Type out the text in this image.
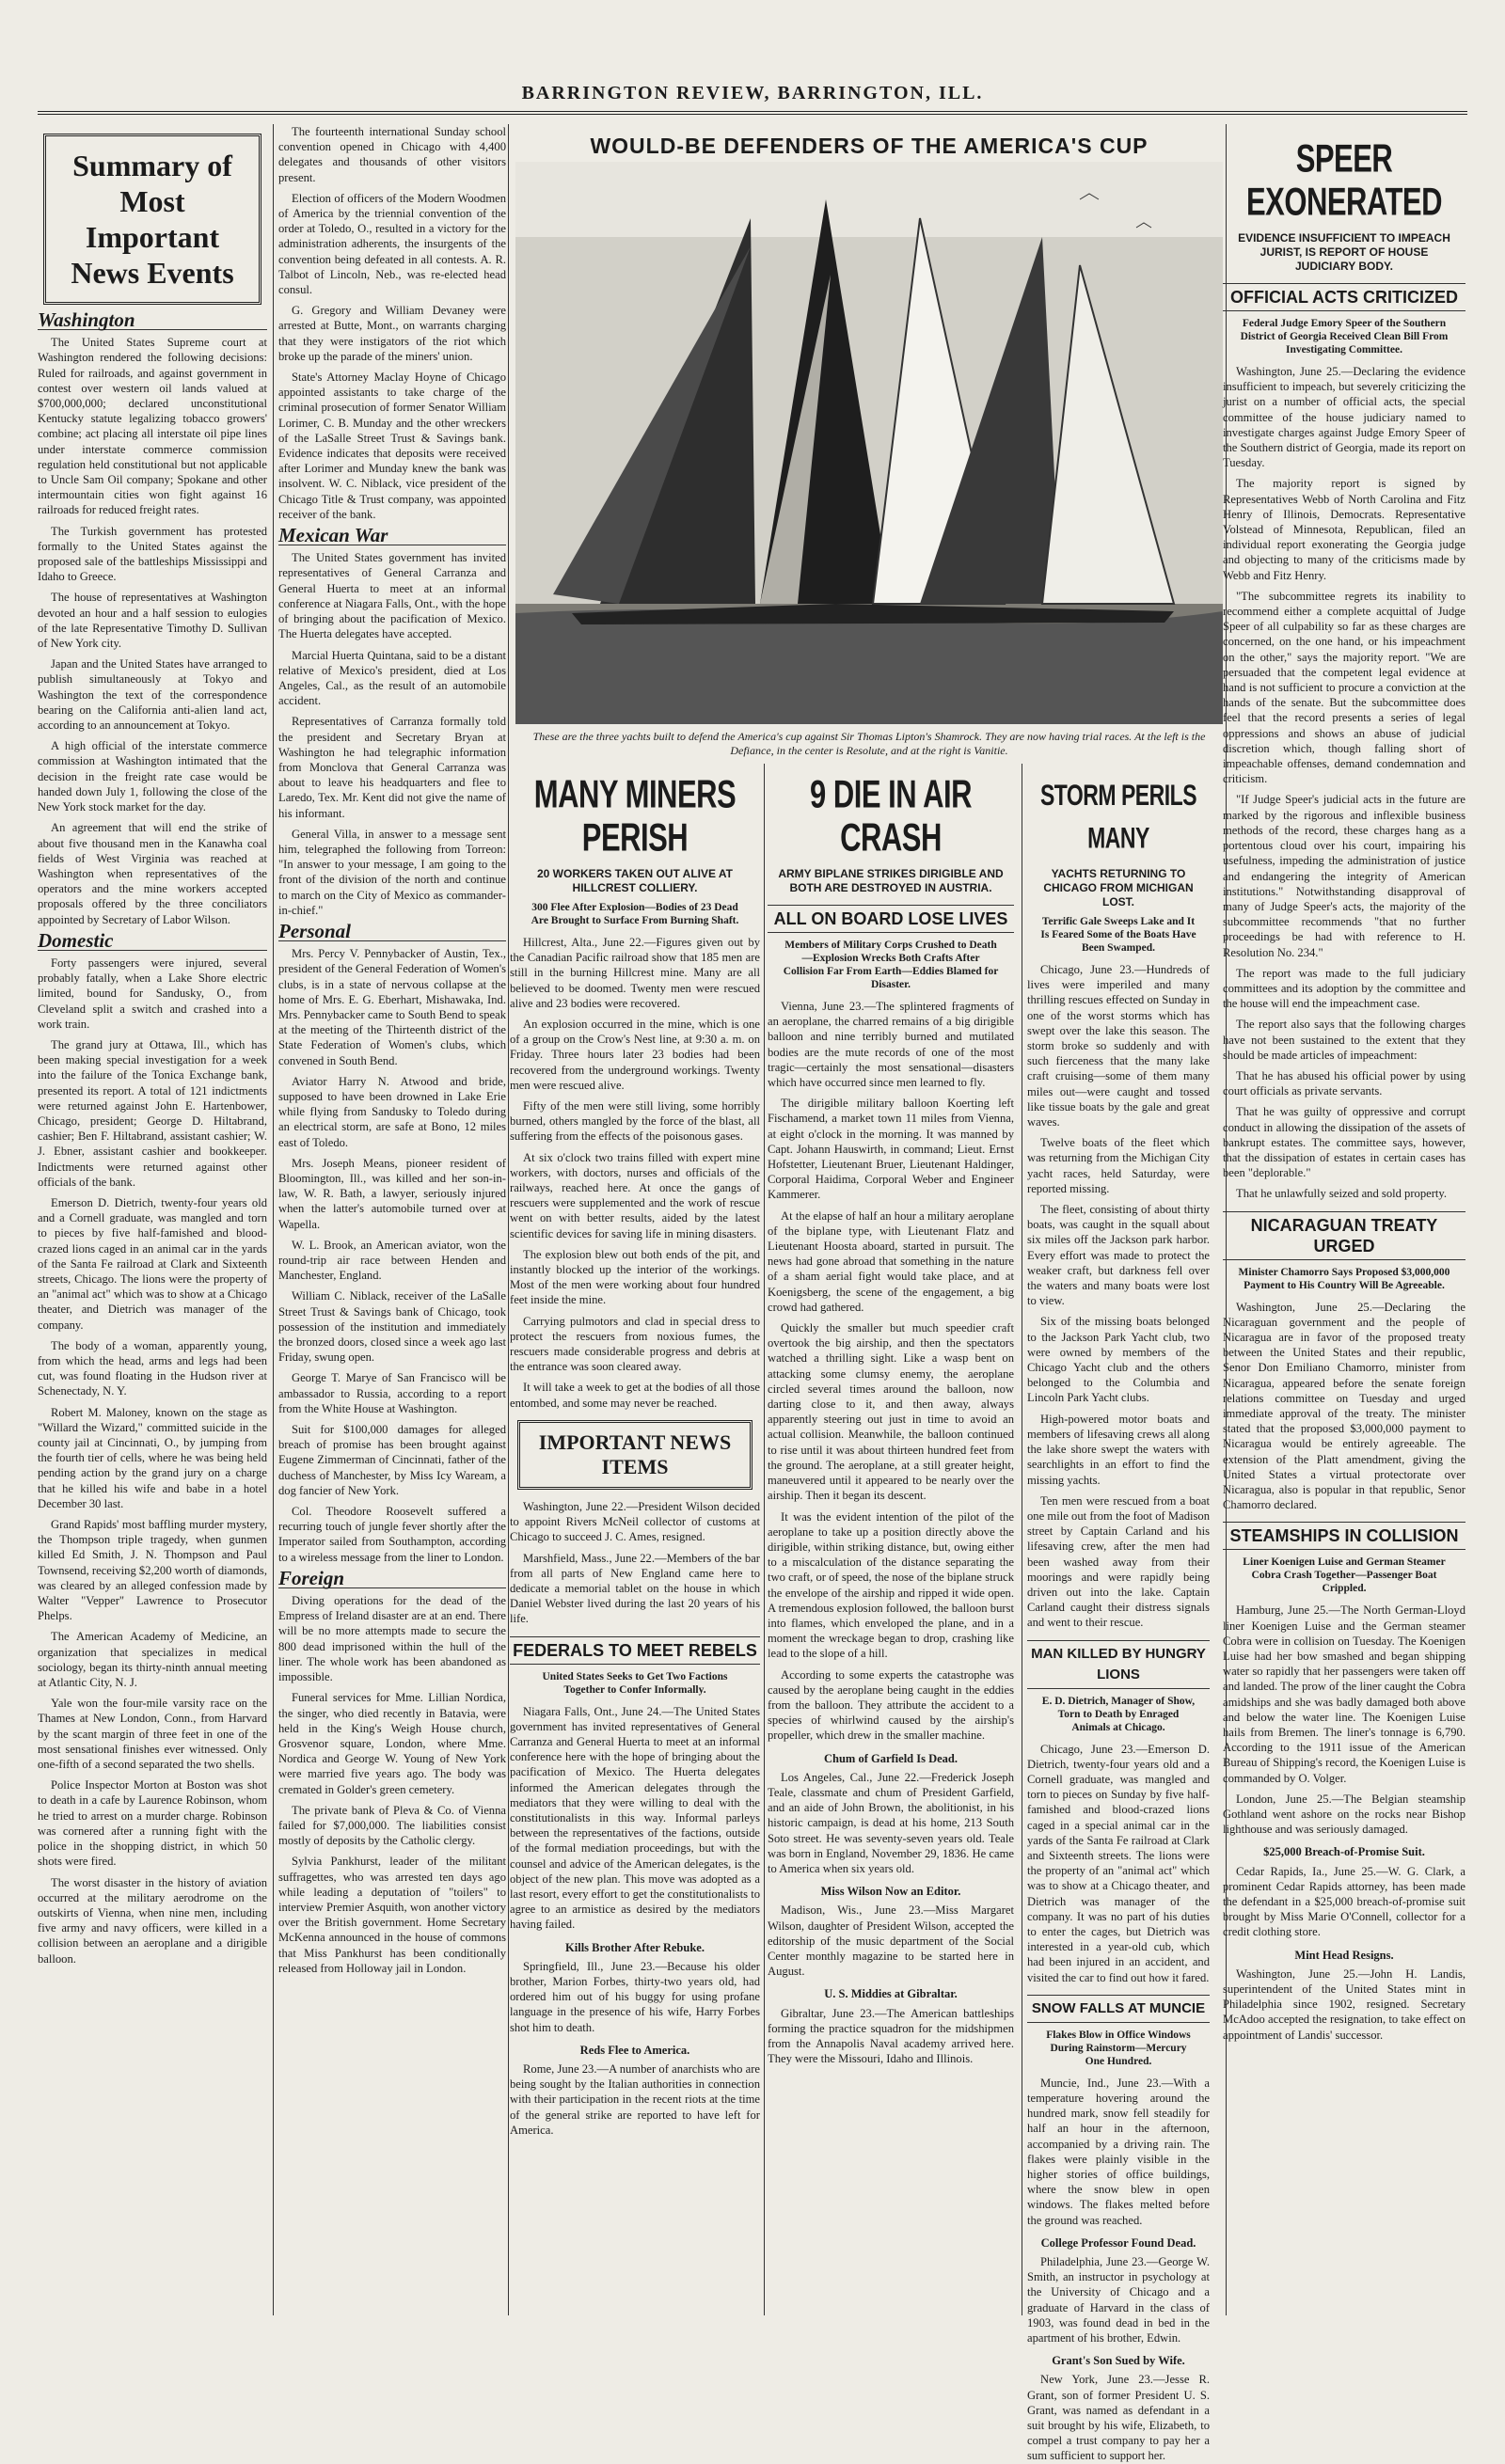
BARRINGTON REVIEW, BARRINGTON, ILL.
Summary of Most Important News Events
Washington

The United States Supreme court at Washington rendered the following decisions: Ruled for railroads, and against government in contest over western oil lands valued at $700,000,000; declared unconstitutional Kentucky statute legalizing tobacco growers' combine; act placing all interstate oil pipe lines under interstate commerce commission regulation held constitutional but not applicable to Uncle Sam Oil company; Spokane and other intermountain cities won fight against 16 railroads for reduced freight rates.

The Turkish government has protested formally to the United States against the proposed sale of the battleships Mississippi and Idaho to Greece.

The house of representatives at Washington devoted an hour and a half session to eulogies of the late Representative Timothy D. Sullivan of New York city.

Japan and the United States have arranged to publish simultaneously at Tokyo and Washington the text of the correspondence bearing on the California anti-alien land act, according to an announcement at Tokyo.

A high official of the interstate commerce commission at Washington intimated that the decision in the freight rate case would be handed down July 1, following the close of the New York stock market for the day.

An agreement that will end the strike of about five thousand men in the Kanawha coal fields of West Virginia was reached at Washington when representatives of the operators and the mine workers accepted proposals offered by the three conciliators appointed by Secretary of Labor Wilson.

Domestic

Forty passengers were injured, several probably fatally, when a Lake Shore electric limited, bound for Sandusky, O., from Cleveland split a switch and crashed into a work train.

The grand jury at Ottawa, Ill., which has been making special investigation for a week into the failure of the Tonica Exchange bank, presented its report. A total of 121 indictments were returned against John E. Hartenbower, Chicago, president; George D. Hiltabrand, cashier; Ben F. Hiltabrand, assistant cashier; W. J. Ebner, assistant cashier and bookkeeper. Indictments were returned against other officials of the bank.

Emerson D. Dietrich, twenty-four years old and a Cornell graduate, was mangled and torn to pieces by five half-famished and blood-crazed lions caged in an animal car in the yards of the Santa Fe railroad at Clark and Sixteenth streets, Chicago. The lions were the property of an "animal act" which was to show at a Chicago theater, and Dietrich was manager of the company.

The body of a woman, apparently young, from which the head, arms and legs had been cut, was found floating in the Hudson river at Schenectady, N. Y.

Robert M. Maloney, known on the stage as "Willard the Wizard," committed suicide in the county jail at Cincinnati, O., by jumping from the fourth tier of cells, where he was being held pending action by the grand jury on a charge that he killed his wife and babe in a hotel December 30 last.

Grand Rapids' most baffling murder mystery, the Thompson triple tragedy, when gunmen killed Ed Smith, J. N. Thompson and Paul Townsend, receiving $2,200 worth of diamonds, was cleared by an alleged confession made by Walter "Vepper" Lawrence to Prosecutor Phelps.

The American Academy of Medicine, an organization that specializes in medical sociology, began its thirty-ninth annual meeting at Atlantic City, N. J.

Yale won the four-mile varsity race on the Thames at New London, Conn., from Harvard by the scant margin of three feet in one of the most sensational finishes ever witnessed. Only one-fifth of a second separated the two shells.

Police Inspector Morton at Boston was shot to death in a cafe by Laurence Robinson, whom he tried to arrest on a murder charge. Robinson was cornered after a running fight with the police in the shopping district, in which 50 shots were fired.

The worst disaster in the history of aviation occurred at the military aerodrome on the outskirts of Vienna, when nine men, including five army and navy officers, were killed in a collision between an aeroplane and a dirigible balloon.

The fourteenth international Sunday school convention opened in Chicago with 4,400 delegates and thousands of other visitors present.

Election of officers of the Modern Woodmen of America by the triennial convention of the order at Toledo, O., resulted in a victory for the administration adherents, the insurgents of the convention being defeated in all contests. A. R. Talbot of Lincoln, Neb., was re-elected head consul.

G. Gregory and William Devaney were arrested at Butte, Mont., on warrants charging that they were instigators of the riot which broke up the parade of the miners' union.

State's Attorney Maclay Hoyne of Chicago appointed assistants to take charge of the criminal prosecution of former Senator William Lorimer, C. B. Munday and the other wreckers of the LaSalle Street Trust & Savings bank. Evidence indicates that deposits were received after Lorimer and Munday knew the bank was insolvent. W. C. Niblack, vice president of the Chicago Title & Trust company, was appointed receiver of the bank.

Mexican War

The United States government has invited representatives of General Carranza and General Huerta to meet at an informal conference at Niagara Falls, Ont., with the hope of bringing about the pacification of Mexico. The Huerta delegates have accepted.

Marcial Huerta Quintana, said to be a distant relative of Mexico's president, died at Los Angeles, Cal., as the result of an automobile accident.

Representatives of Carranza formally told the president and Secretary Bryan at Washington he had telegraphic information from Monclova that General Carranza was about to leave his headquarters and flee to Laredo, Tex. Mr. Kent did not give the name of his informant.

General Villa, in answer to a message sent him, telegraphed the following from Torreon: "In answer to your message, I am going to the front of the division of the north and continue to march on the City of Mexico as commander-in-chief."

Personal

Mrs. Percy V. Pennybacker of Austin, Tex., president of the General Federation of Women's clubs, is in a state of nervous collapse at the home of Mrs. E. G. Eberhart, Mishawaka, Ind. Mrs. Pennybacker came to South Bend to speak at the meeting of the Thirteenth district of the State Federation of Women's clubs, which convened in South Bend.

Aviator Harry N. Atwood and bride, supposed to have been drowned in Lake Erie while flying from Sandusky to Toledo during an electrical storm, are safe at Bono, 12 miles east of Toledo.

Mrs. Joseph Means, pioneer resident of Bloomington, Ill., was killed and her son-in-law, W. R. Bath, a lawyer, seriously injured when the latter's automobile turned over at Wapella.

W. L. Brook, an American aviator, won the round-trip air race between Henden and Manchester, England.

William C. Niblack, receiver of the LaSalle Street Trust & Savings bank of Chicago, took possession of the institution and immediately the bronzed doors, closed since a week ago last Friday, swung open.

George T. Marye of San Francisco will be ambassador to Russia, according to a report from the White House at Washington.

Suit for $100,000 damages for alleged breach of promise has been brought against Eugene Zimmerman of Cincinnati, father of the duchess of Manchester, by Miss Icy Waream, a dog fancier of New York.

Col. Theodore Roosevelt suffered a recurring touch of jungle fever shortly after the Imperator sailed from Southampton, according to a wireless message from the liner to London.

Foreign

Diving operations for the dead of the Empress of Ireland disaster are at an end. There will be no more attempts made to secure the 800 dead imprisoned within the hull of the liner. The whole work has been abandoned as impossible.

Funeral services for Mme. Lillian Nordica, the singer, who died recently in Batavia, were held in the King's Weigh House church, Grosvenor square, London, where Mme. Nordica and George W. Young of New York were married five years ago. The body was cremated in Golder's green cemetery.

The private bank of Pleva & Co. of Vienna failed for $7,000,000. The liabilities consist mostly of deposits by the Catholic clergy.

Sylvia Pankhurst, leader of the militant suffragettes, who was arrested ten days ago while leading a deputation of "toilers" to interview Premier Asquith, won another victory over the British government. Home Secretary McKenna announced in the house of commons that Miss Pankhurst has been conditionally released from Holloway jail in London.

WOULD-BE DEFENDERS OF THE AMERICA'S CUP
These are the three yachts built to defend the America's cup against Sir Thomas Lipton's Shamrock. They are now having trial races. At the left is the Defiance, in the center is Resolute, and at the right is Vanitie.
MANY MINERS PERISH
20 WORKERS TAKEN OUT ALIVE AT HILLCREST COLLIERY.
300 Flee After Explosion—Bodies of 23 Dead Are Brought to Surface From Burning Shaft.

Hillcrest, Alta., June 22.—Figures given out by the Canadian Pacific railroad show that 185 men are still in the burning Hillcrest mine. Many are all believed to be doomed. Twenty men were rescued alive and 23 bodies were recovered.

An explosion occurred in the mine, which is one of a group on the Crow's Nest line, at 9:30 a. m. on Friday. Three hours later 23 bodies had been recovered from the underground workings. Twenty men were rescued alive.

Fifty of the men were still living, some horribly burned, others mangled by the force of the blast, all suffering from the effects of the poisonous gases.

At six o'clock two trains filled with expert mine workers, with doctors, nurses and officials of the railways, reached here. At once the gangs of rescuers were supplemented and the work of rescue went on with better results, aided by the latest scientific devices for saving life in mining disasters.

The explosion blew out both ends of the pit, and instantly blocked up the interior of the workings. Most of the men were working about four hundred feet inside the mine.

Carrying pulmotors and clad in special dress to protect the rescuers from noxious fumes, the rescuers made considerable progress and debris at the entrance was soon cleared away.

It will take a week to get at the bodies of all those entombed, and some may never be reached.

IMPORTANT NEWS ITEMS

Washington, June 22.—President Wilson decided to appoint Rivers McNeil collector of customs at Chicago to succeed J. C. Ames, resigned.

Marshfield, Mass., June 22.—Members of the bar from all parts of New England came here to dedicate a memorial tablet on the house in which Daniel Webster lived during the last 20 years of his life.

FEDERALS TO MEET REBELS
United States Seeks to Get Two Factions Together to Confer Informally.

Niagara Falls, Ont., June 24.—The United States government has invited representatives of General Carranza and General Huerta to meet at an informal conference here with the hope of bringing about the pacification of Mexico. The Huerta delegates informed the American delegates through the mediators that they were willing to deal with the constitutionalists in this way. Informal parleys between the representatives of the factions, outside of the formal mediation proceedings, but with the counsel and advice of the American delegates, is the object of the new plan. This move was adopted as a last resort, every effort to get the constitutionalists to agree to an armistice as desired by the mediators having failed.

Kills Brother After Rebuke.

Springfield, Ill., June 23.—Because his older brother, Marion Forbes, thirty-two years old, had ordered him out of his buggy for using profane language in the presence of his wife, Harry Forbes shot him to death.

Reds Flee to America.

Rome, June 23.—A number of anarchists who are being sought by the Italian authorities in connection with their participation in the recent riots at the time of the general strike are reported to have left for America.

9 DIE IN AIR CRASH
ARMY BIPLANE STRIKES DIRIGIBLE AND BOTH ARE DESTROYED IN AUSTRIA.
ALL ON BOARD LOSE LIVES
Members of Military Corps Crushed to Death—Explosion Wrecks Both Crafts After Collision Far From Earth—Eddies Blamed for Disaster.

Vienna, June 23.—The splintered fragments of an aeroplane, the charred remains of a big dirigible balloon and nine terribly burned and mutilated bodies are the mute records of one of the most tragic—certainly the most sensational—disasters which have occurred since men learned to fly.

The dirigible military balloon Koerting left Fischamend, a market town 11 miles from Vienna, at eight o'clock in the morning. It was manned by Capt. Johann Hauswirth, in command; Lieut. Ernst Hofstetter, Lieutenant Bruer, Lieutenant Haldinger, Corporal Haidima, Corporal Weber and Engineer Kammerer.

At the elapse of half an hour a military aeroplane of the biplane type, with Lieutenant Flatz and Lieutenant Hoosta aboard, started in pursuit. The news had gone abroad that something in the nature of a sham aerial fight would take place, and at Koenigsberg, the scene of the engagement, a big crowd had gathered.

Quickly the smaller but much speedier craft overtook the big airship, and then the spectators watched a thrilling sight. Like a wasp bent on attacking some clumsy enemy, the aeroplane circled several times around the balloon, now darting close to it, and then away, always apparently steering out just in time to avoid an actual collision. Meanwhile, the balloon continued to rise until it was about thirteen hundred feet from the ground. The aeroplane, at a still greater height, maneuvered until it appeared to be nearly over the airship. Then it began its descent.

It was the evident intention of the pilot of the aeroplane to take up a position directly above the dirigible, within striking distance, but, owing either to a miscalculation of the distance separating the two craft, or of speed, the nose of the biplane struck the envelope of the airship and ripped it wide open. A tremendous explosion followed, the balloon burst into flames, which enveloped the plane, and in a moment the wreckage began to drop, crashing like lead to the slope of a hill.

According to some experts the catastrophe was caused by the aeroplane being caught in the eddies from the balloon. They attribute the accident to a species of whirlwind caused by the airship's propeller, which drew in the smaller machine.

Chum of Garfield Is Dead.

Los Angeles, Cal., June 22.—Frederick Joseph Teale, classmate and chum of President Garfield, and an aide of John Brown, the abolitionist, in his historic campaign, is dead at his home, 213 South Soto street. He was seventy-seven years old. Teale was born in England, November 29, 1836. He came to America when six years old.

Miss Wilson Now an Editor.

Madison, Wis., June 23.—Miss Margaret Wilson, daughter of President Wilson, accepted the editorship of the music department of the Social Center monthly magazine to be started here in August.

U. S. Middies at Gibraltar.

Gibraltar, June 23.—The American battleships forming the practice squadron for the midshipmen from the Annapolis Naval academy arrived here. They were the Missouri, Idaho and Illinois.

STORM PERILS MANY
YACHTS RETURNING TO CHICAGO FROM MICHIGAN LOST.
Terrific Gale Sweeps Lake and It Is Feared Some of the Boats Have Been Swamped.

Chicago, June 23.—Hundreds of lives were imperiled and many thrilling rescues effected on Sunday in one of the worst storms which has swept over the lake this season. The storm broke so suddenly and with such fierceness that the many lake craft cruising—some of them many miles out—were caught and tossed like tissue boats by the gale and great waves.

Twelve boats of the fleet which was returning from the Michigan City yacht races, held Saturday, were reported missing.

The fleet, consisting of about thirty boats, was caught in the squall about six miles off the Jackson park harbor. Every effort was made to protect the weaker craft, but darkness fell over the waters and many boats were lost to view.

Six of the missing boats belonged to the Jackson Park Yacht club, two were owned by members of the Chicago Yacht club and the others belonged to the Columbia and Lincoln Park Yacht clubs.

High-powered motor boats and members of lifesaving crews all along the lake shore swept the waters with searchlights in an effort to find the missing yachts.

Ten men were rescued from a boat one mile out from the foot of Madison street by Captain Carland and his lifesaving crew, after the men had been washed away from their moorings and were rapidly being driven out into the lake. Captain Carland caught their distress signals and went to their rescue.

MAN KILLED BY HUNGRY LIONS
E. D. Dietrich, Manager of Show, Torn to Death by Enraged Animals at Chicago.

Chicago, June 23.—Emerson D. Dietrich, twenty-four years old and a Cornell graduate, was mangled and torn to pieces on Sunday by five half-famished and blood-crazed lions caged in a special animal car in the yards of the Santa Fe railroad at Clark and Sixteenth streets. The lions were the property of an "animal act" which was to show at a Chicago theater, and Dietrich was manager of the company. It was no part of his duties to enter the cages, but Dietrich was interested in a year-old cub, which had been injured in an accident, and visited the car to find out how it fared.

SNOW FALLS AT MUNCIE
Flakes Blow in Office Windows During Rainstorm—Mercury One Hundred.

Muncie, Ind., June 23.—With a temperature hovering around the hundred mark, snow fell steadily for half an hour in the afternoon, accompanied by a driving rain. The flakes were plainly visible in the higher stories of office buildings, where the snow blew in open windows. The flakes melted before the ground was reached.

College Professor Found Dead.

Philadelphia, June 23.—George W. Smith, an instructor in psychology at the University of Chicago and a graduate of Harvard in the class of 1903, was found dead in bed in the apartment of his brother, Edwin.

Grant's Son Sued by Wife.

New York, June 23.—Jesse R. Grant, son of former President U. S. Grant, was named as defendant in a suit brought by his wife, Elizabeth, to compel a trust company to pay her a sum sufficient to support her.

SPEER EXONERATED
EVIDENCE INSUFFICIENT TO IMPEACH JURIST, IS REPORT OF HOUSE JUDICIARY BODY.
OFFICIAL ACTS CRITICIZED
Federal Judge Emory Speer of the Southern District of Georgia Received Clean Bill From Investigating Committee.

Washington, June 25.—Declaring the evidence insufficient to impeach, but severely criticizing the jurist on a number of official acts, the special committee of the house judiciary named to investigate charges against Judge Emory Speer of the Southern district of Georgia, made its report on Tuesday.

The majority report is signed by Representatives Webb of North Carolina and Fitz Henry of Illinois, Democrats. Representative Volstead of Minnesota, Republican, filed an individual report exonerating the Georgia judge and objecting to many of the criticisms made by Webb and Fitz Henry.

"The subcommittee regrets its inability to recommend either a complete acquittal of Judge Speer of all culpability so far as these charges are concerned, on the one hand, or his impeachment on the other," says the majority report. "We are persuaded that the competent legal evidence at hand is not sufficient to procure a conviction at the hands of the senate. But the subcommittee does feel that the record presents a series of legal oppressions and shows an abuse of judicial discretion which, though falling short of impeachable offenses, demand condemnation and criticism.

"If Judge Speer's judicial acts in the future are marked by the rigorous and inflexible business methods of the record, these charges hang as a portentous cloud over his court, impairing his usefulness, impeding the administration of justice and endangering the integrity of American institutions." Notwithstanding disapproval of many of Judge Speer's acts, the majority of the subcommittee recommends "that no further proceedings be had with reference to H. Resolution No. 234."

The report was made to the full judiciary committees and its adoption by the committee and the house will end the impeachment case.

The report also says that the following charges have not been sustained to the extent that they should be made articles of impeachment:

That he has abused his official power by using court officials as private servants.

That he was guilty of oppressive and corrupt conduct in allowing the dissipation of the assets of bankrupt estates. The committee says, however, that the dissipation of estates in certain cases has been "deplorable."

That he unlawfully seized and sold property.

NICARAGUAN TREATY URGED
Minister Chamorro Says Proposed $3,000,000 Payment to His Country Will Be Agreeable.

Washington, June 25.—Declaring the Nicaraguan government and the people of Nicaragua are in favor of the proposed treaty between the United States and their republic, Senor Don Emiliano Chamorro, minister from Nicaragua, appeared before the senate foreign relations committee on Tuesday and urged immediate approval of the treaty. The minister stated that the proposed $3,000,000 payment to Nicaragua would be entirely agreeable. The extension of the Platt amendment, giving the United States a virtual protectorate over Nicaragua, also is popular in that republic, Senor Chamorro declared.

STEAMSHIPS IN COLLISION
Liner Koenigen Luise and German Steamer Cobra Crash Together—Passenger Boat Crippled.

Hamburg, June 25.—The North German-Lloyd liner Koenigen Luise and the German steamer Cobra were in collision on Tuesday. The Koenigen Luise had her bow smashed and began shipping water so rapidly that her passengers were taken off and landed. The prow of the liner caught the Cobra amidships and she was badly damaged both above and below the water line. The Koenigen Luise hails from Bremen. The liner's tonnage is 6,790. According to the 1911 issue of the American Bureau of Shipping's record, the Koenigen Luise is commanded by O. Volger.

London, June 25.—The Belgian steamship Gothland went ashore on the rocks near Bishop lighthouse and was seriously damaged.

$25,000 Breach-of-Promise Suit.

Cedar Rapids, Ia., June 25.—W. G. Clark, a prominent Cedar Rapids attorney, has been made the defendant in a $25,000 breach-of-promise suit brought by Miss Marie O'Connell, collector for a credit clothing store.

Mint Head Resigns.

Washington, June 25.—John H. Landis, superintendent of the United States mint in Philadelphia since 1902, resigned. Secretary McAdoo accepted the resignation, to take effect on appointment of Landis' successor.
